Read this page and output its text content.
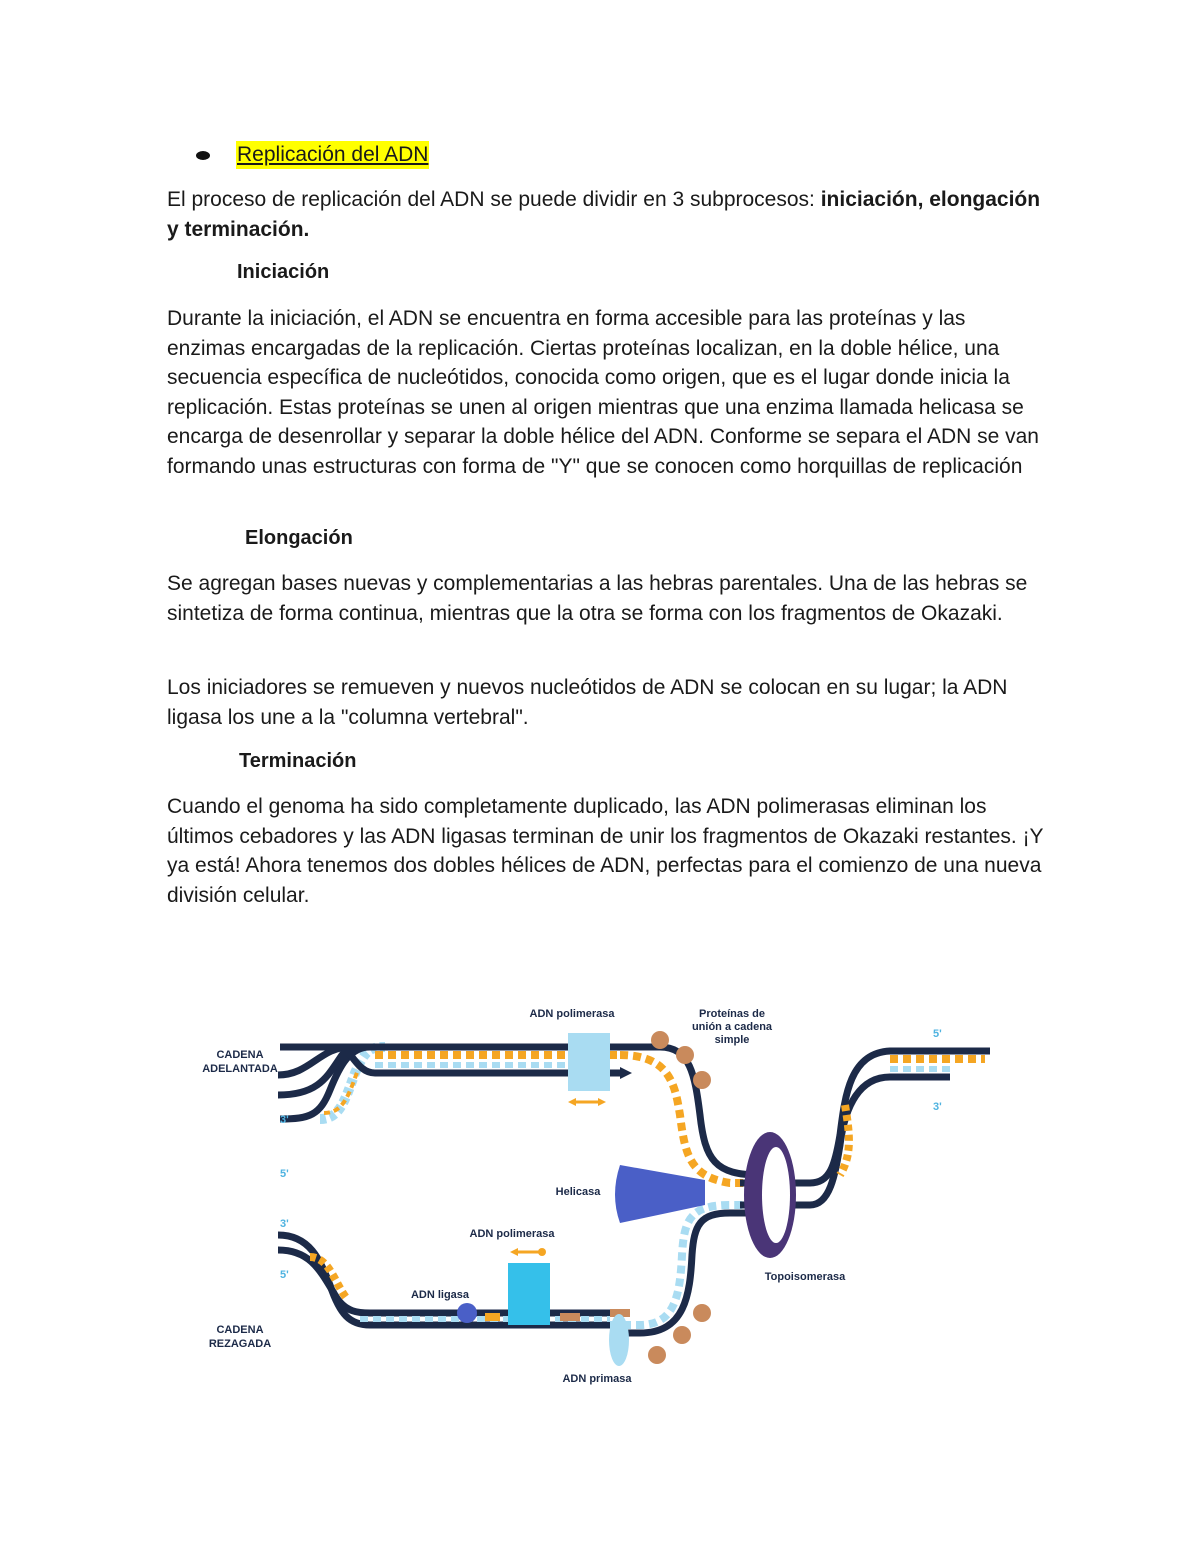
Replicación del ADN

El proceso de replicación del ADN se puede dividir en 3 subprocesos: iniciación, elongación y terminación.

Iniciación

Durante la iniciación, el ADN se encuentra en forma accesible para las proteínas y las enzimas encargadas de la replicación. Ciertas proteínas localizan, en la doble hélice, una secuencia específica de nucleótidos, conocida como origen, que es el lugar donde inicia la replicación. Estas proteínas se unen al origen mientras que una enzima llamada helicasa se encarga de desenrollar y separar la doble hélice del ADN. Conforme se separa el ADN se van formando unas estructuras con forma de "Y" que se conocen como horquillas de replicación

Elongación

Se agregan bases nuevas y complementarias a las hebras parentales. Una de las hebras se sintetiza de forma continua, mientras que la otra se forma con los fragmentos de Okazaki.

Los iniciadores se remueven y nuevos nucleótidos de ADN se colocan en su lugar; la ADN ligasa los une a la "columna vertebral".

Terminación

Cuando el genoma ha sido completamente duplicado, las ADN polimerasas eliminan los últimos cebadores y las ADN ligasas terminan de unir los fragmentos de Okazaki restantes. ¡Y ya está! Ahora tenemos dos dobles hélices de ADN, perfectas para el comienzo de una nueva división celular.

CADENA
ADELANTADA
CADENA
REZAGADA
ADN polimerasa	Proteínas de
unión a cadena
simple
Helicasa
ADN polimerasa
ADN ligasa
Topoisomerasa
ADN primasa
3'
5'
3'
5'
5'
3'
